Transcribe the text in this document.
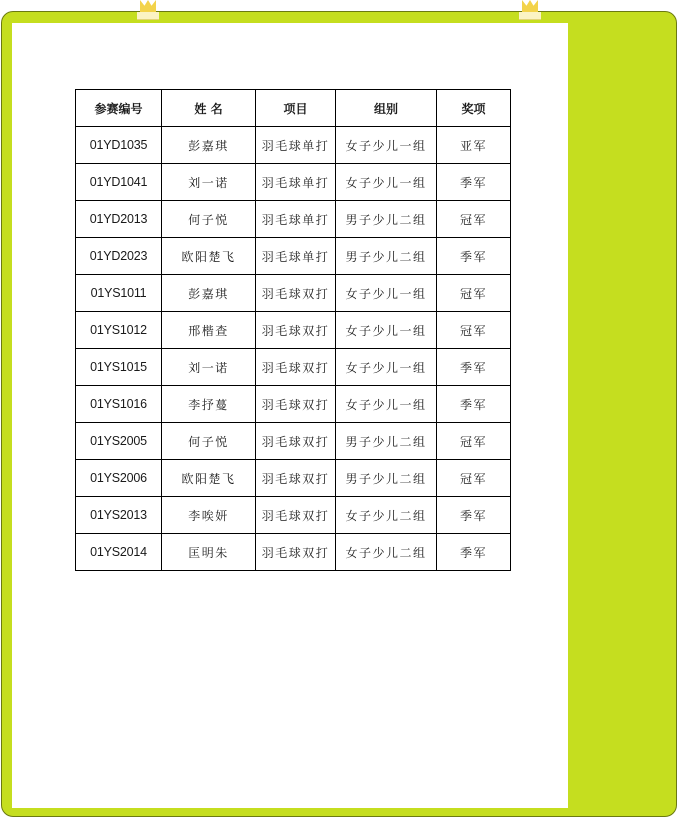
参赛编号	姓 名	项目	组别	奖项
01YD1035	彭嘉琪	羽毛球单打	女子少儿一组	亚军
01YD1041	刘一诺	羽毛球单打	女子少儿一组	季军
01YD2013	何子悦	羽毛球单打	男子少儿二组	冠军
01YD2023	欧阳楚飞	羽毛球单打	男子少儿二组	季军
01YS1011	彭嘉琪	羽毛球双打	女子少儿一组	冠军
01YS1012	邢楷查	羽毛球双打	女子少儿一组	冠军
01YS1015	刘一诺	羽毛球双打	女子少儿一组	季军
01YS1016	李抒蔓	羽毛球双打	女子少儿一组	季军
01YS2005	何子悦	羽毛球双打	男子少儿二组	冠军
01YS2006	欧阳楚飞	羽毛球双打	男子少儿二组	冠军
01YS2013	李唉妍	羽毛球双打	女子少儿二组	季军
01YS2014	匡明朱	羽毛球双打	女子少儿二组	季军
